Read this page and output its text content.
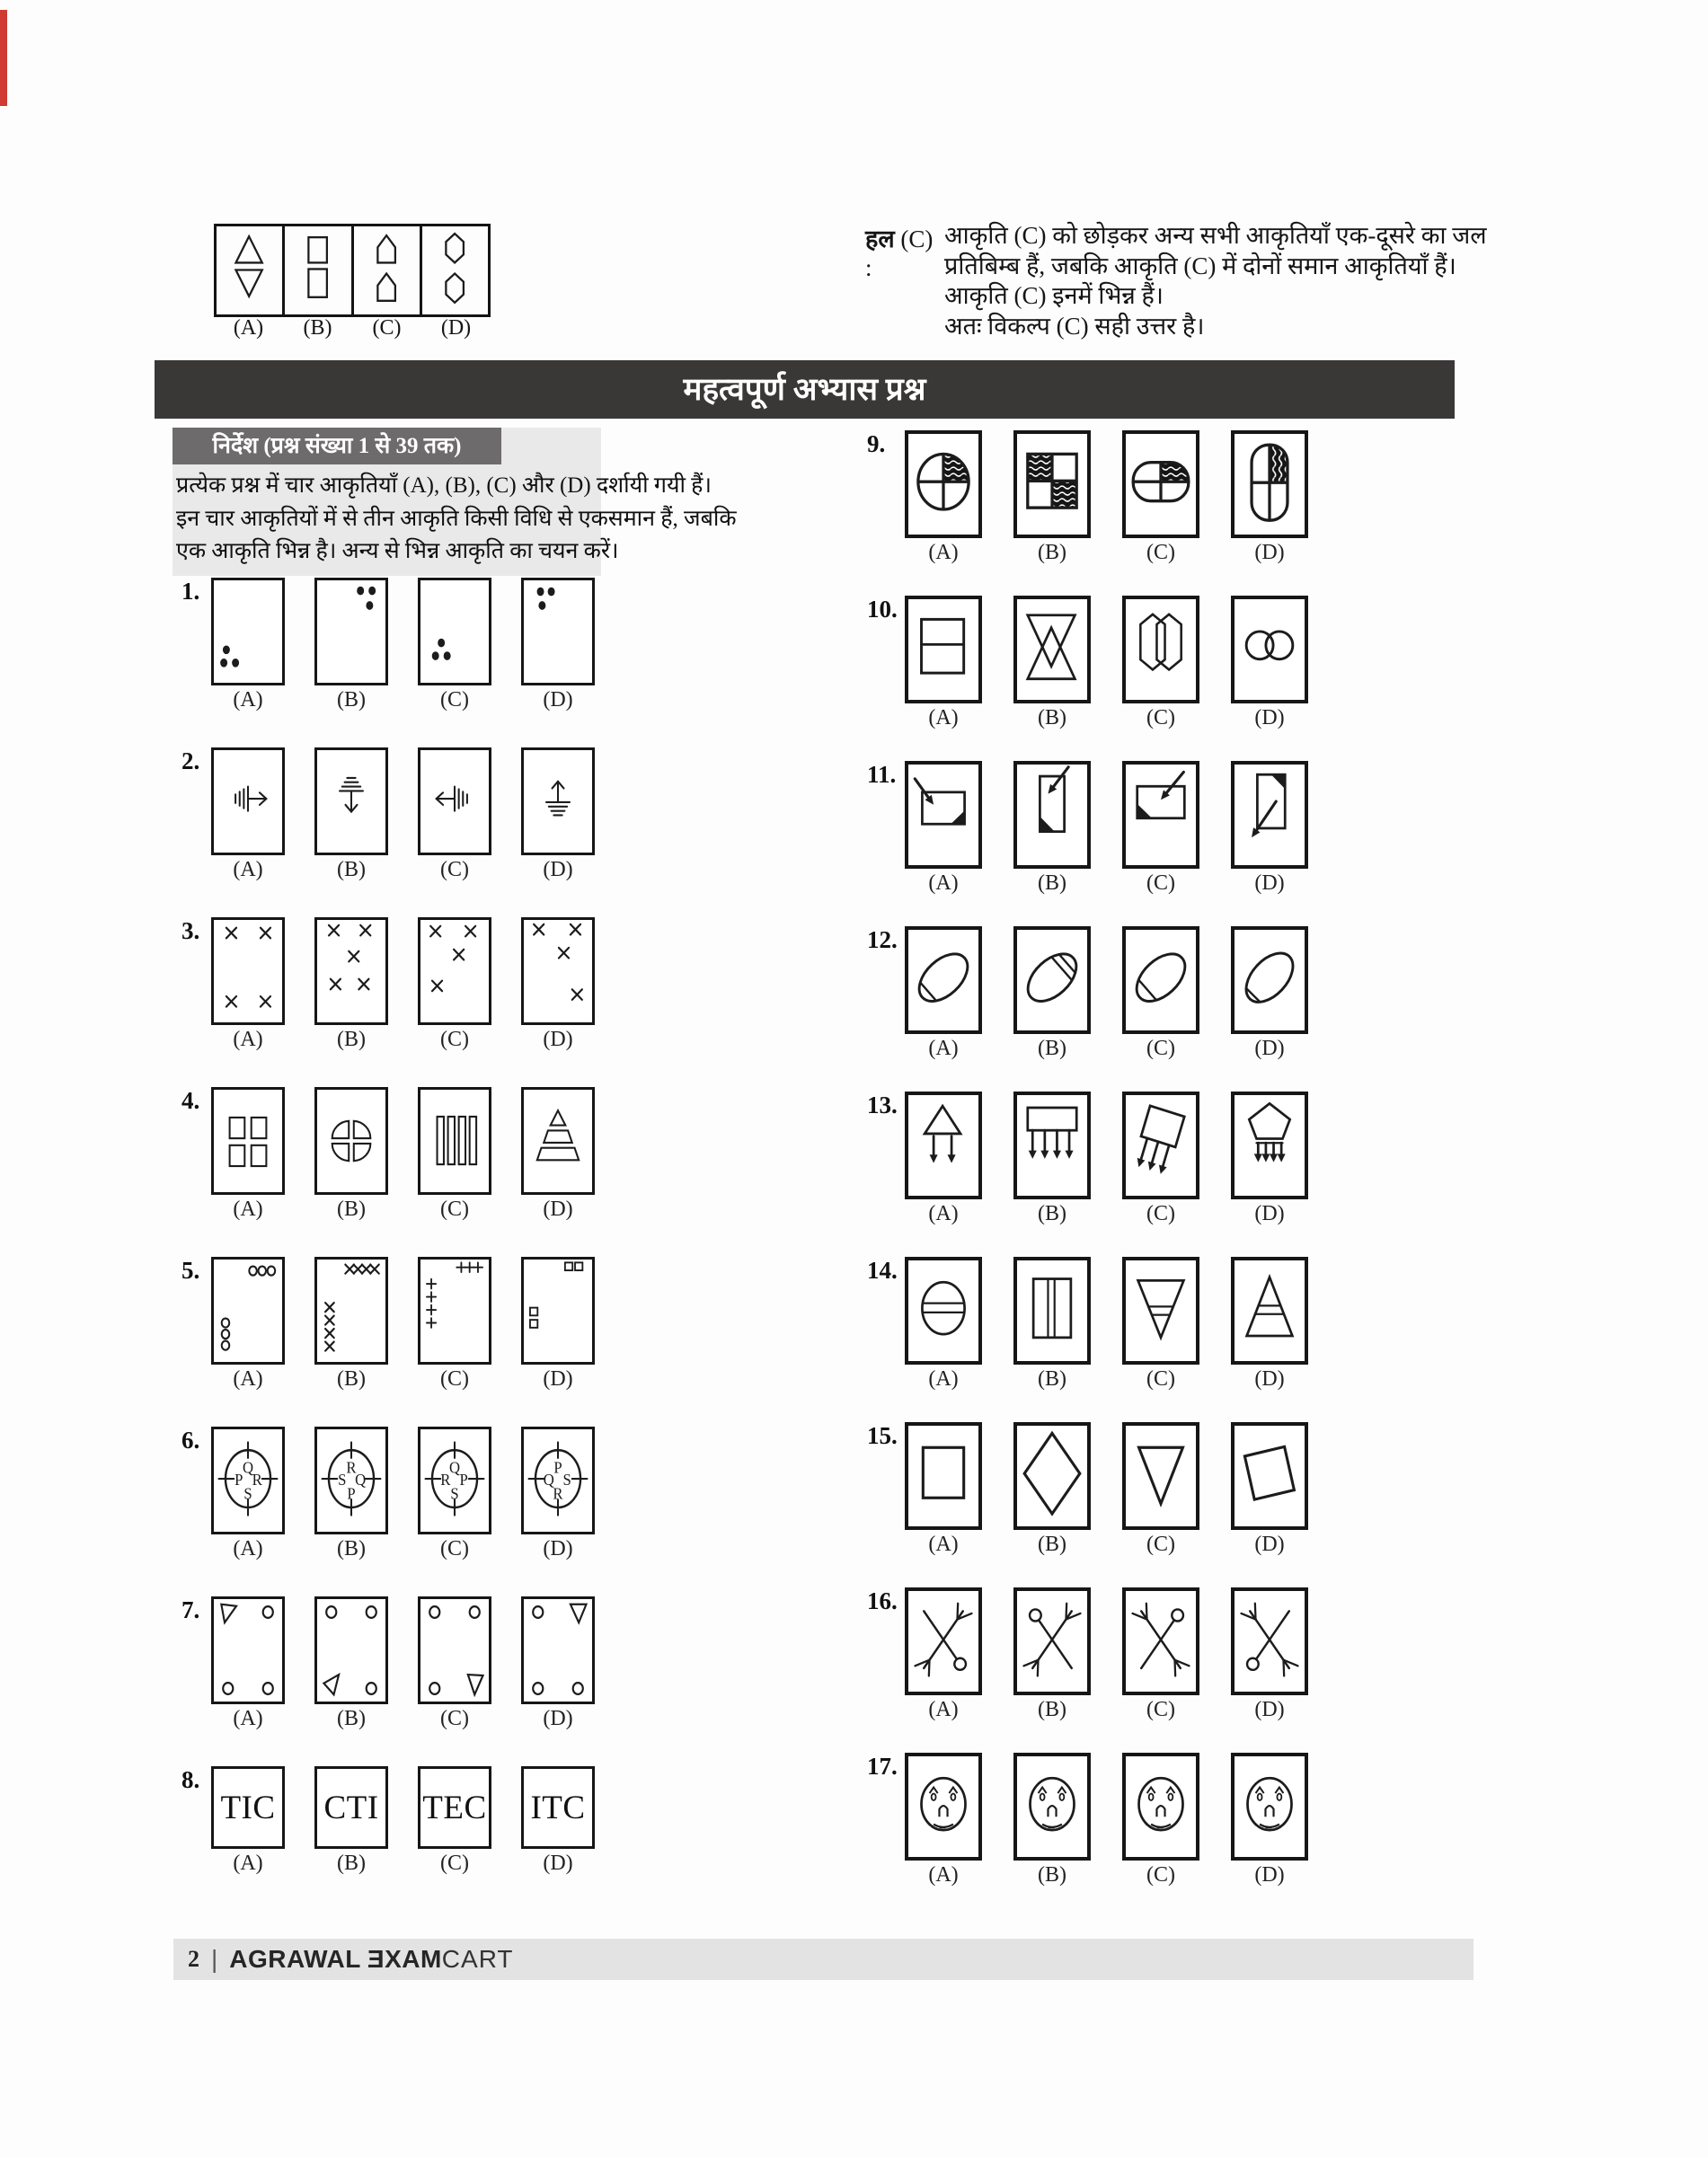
(A)	(B)	(C)	(D)
हल (C) :
आकृति (C) को छोड़कर अन्य सभी आकृतियाँ एक-दूसरे का जल
प्रतिबिम्ब हैं, जबकि आकृति (C) में दोनों समान आकृतियाँ हैं।
आकृति (C) इनमें भिन्न हैं।
अतः विकल्प (C) सही उत्तर है।
महत्वपूर्ण अभ्यास प्रश्न
निर्देश (प्रश्न संख्या 1 से 39 तक)
प्रत्येक प्रश्न में चार आकृतियाँ (A), (B), (C) और (D) दर्शायी गयी हैं।
इन चार आकृतियों में से तीन आकृति किसी विधि से एकसमान हैं, जबकि
एक आकृति भिन्न है। अन्य से भिन्न आकृति का चयन करें।
1.
(A)	(B)	(C)	(D)
2.
(A)	(B)	(C)	(D)
3.
(A)	(B)	(C)	(D)
4.
(A)	(B)	(C)	(D)
5.
(A)	(B)	(C)	(D)
6.
Q
P R
S
(A)
R
S Q
P
(B)
Q
R P
S
(C)
P
Q S
R
(D)
7.
(A)	(B)	(C)	(D)
8.
TIC
(A)
CTI
(B)
TEC
(C)
ITC
(D)
9.
(A)	(B)	(C)	(D)
10.
(A)	(B)	(C)	(D)
11.
(A)	(B)	(C)	(D)
12.
(A)	(B)	(C)	(D)
13.
(A)	(B)	(C)	(D)
14.
(A)	(B)	(C)	(D)
15.
(A)	(B)	(C)	(D)
16.
(A)	(B)	(C)	(D)
17.
(A)	(B)	(C)	(D)
2 | AGRAWAL ƎXAM CART
